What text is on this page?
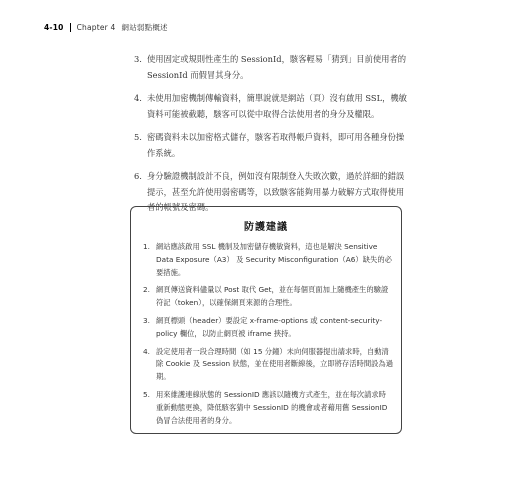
4-10 Chapter 4 網站弱點概述
3. 使用固定或規則性產生的 SessionId，駭客輕易「猜到」目前使用者的 SessionId 而假冒其身分。
4. 未使用加密機制傳輸資料，簡單說就是網站（頁）沒有啟用 SSL，機敏資料可能被截聽，駭客可以從中取得合法使用者的身分及權限。
5. 密碼資料未以加密格式儲存，駭客若取得帳戶資料，即可用各種身份操作系統。
6. 身分驗證機制設計不良，例如沒有限制登入失敗次數，過於詳細的錯誤提示，甚至允許使用弱密碼等，以致駭客能夠用暴力破解方式取得使用者的帳號及密碼。
防護建議
1. 網站應該啟用 SSL 機制及加密儲存機敏資料，這也是解決 Sensitive Data Exposure（A3） 及 Security Misconfiguration（A6）缺失的必要措施。
2. 網頁傳送資料儘量以 Post 取代 Get，並在每個頁面加上隨機產生的驗證符記（token），以確保網頁來源的合理性。
3. 網頁標頭（header）要設定 x-frame-options 或 content-security-policy 欄位，以防止網頁被 iframe 挾持。
4. 設定使用者一段合理時間（如 15 分鐘）未向伺服器提出請求時，自動清除 Cookie 及 Session 狀態，並在使用者斷線後，立即將存活時間設為過期。
5. 用來維護連線狀態的 SessionID 應該以隨機方式產生，並在每次請求時重新動態更換，降低駭客猜中 SessionID 的機會或者藉用舊 SessionID 偽冒合法使用者的身分。
